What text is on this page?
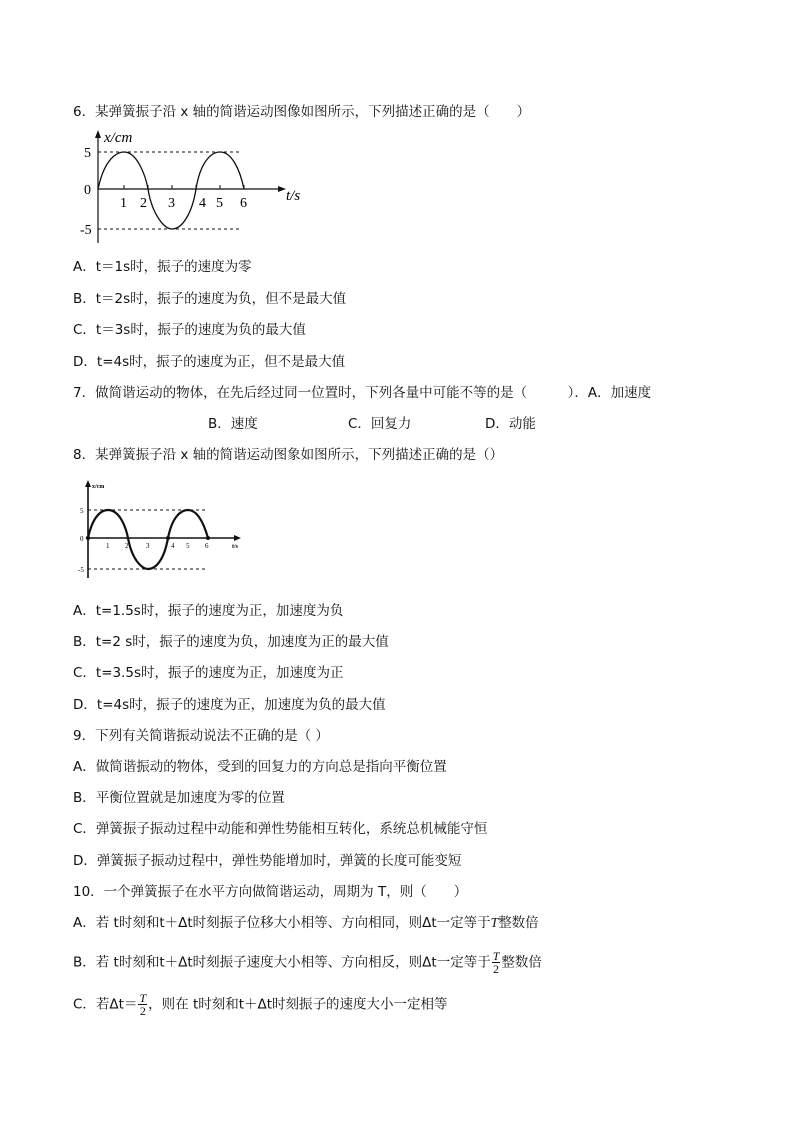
6．某弹簧振子沿 x 轴的简谐运动图像如图所示，下列描述正确的是（　　）
x/cm
5
0
-5
1 2 3 4 5 6	t/s
A．t＝1s时，振子的速度为零
B．t＝2s时，振子的速度为负，但不是最大值
C．t＝3s时，振子的速度为负的最大值
D．t=4s时，振子的速度为正，但不是最大值
7．做简谐运动的物体，在先后经过同一位置时，下列各量中可能不等的是（　　　）．A．加速度
B．速度	C．回复力	D．动能
8．某弹簧振子沿 x 轴的简谐运动图象如图所示，下列描述正确的是（）
x/cm
5
0
-5
1 2	3	4 5 6	t/s
A．t=1.5s时，振子的速度为正，加速度为负
B．t=2 s时，振子的速度为负，加速度为正的最大值
C．t=3.5s时，振子的速度为正，加速度为正
D．t=4s时，振子的速度为正，加速度为负的最大值
9．下列有关简谐振动说法不正确的是（ ）
A．做简谐振动的物体，受到的回复力的方向总是指向平衡位置
B．平衡位置就是加速度为零的位置
C．弹簧振子振动过程中动能和弹性势能相互转化，系统总机械能守恒
D．弹簧振子振动过程中，弹性势能增加时，弹簧的长度可能变短
10．一个弹簧振子在水平方向做简谐运动，周期为 T，则（　　）
A．若 t时刻和t＋Δt时刻振子位移大小相等、方向相同，则Δt一定等于T整数倍
B．若 t时刻和t＋Δt时刻振子速度大小相等、方向相反，则Δt一定等于 $\frac{T}{2}$ 整数倍
C．若$\Delta t= \frac{T}{2}$ ，则在 t时刻和t＋Δt时刻振子的速度大小一定相等
